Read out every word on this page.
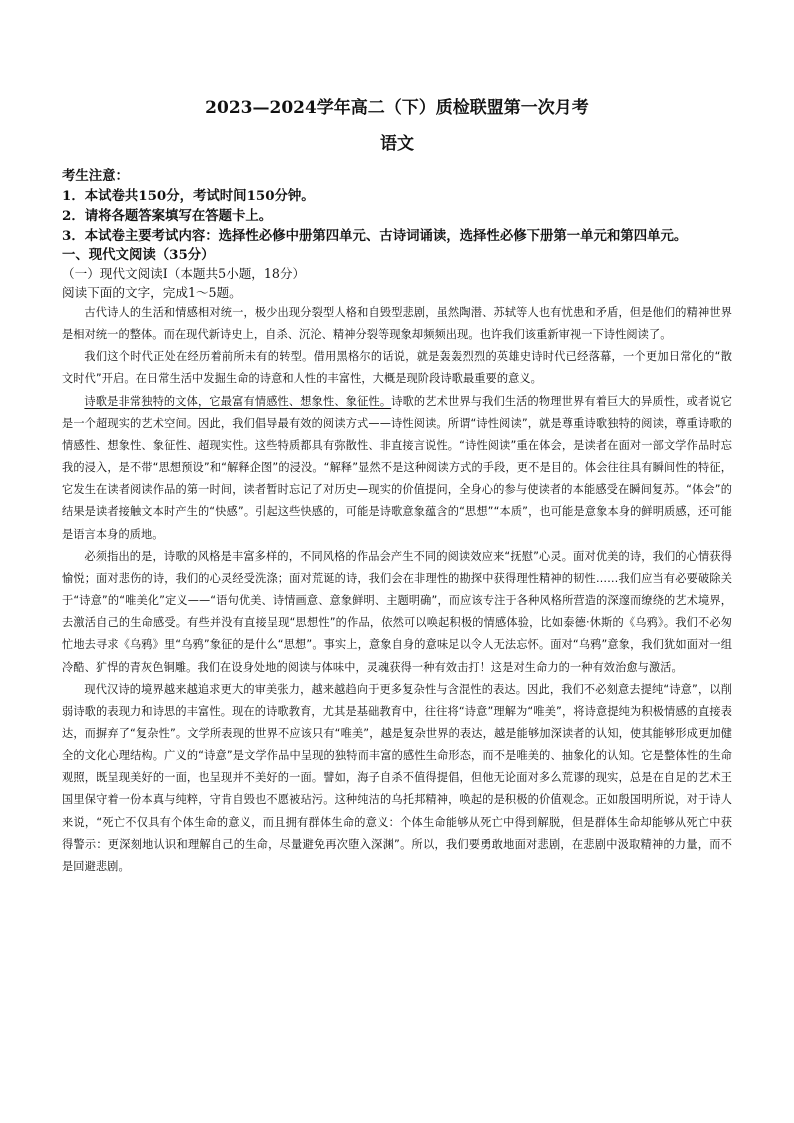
2023—2024学年高二（下）质检联盟第一次月考
语文

考生注意：

1．本试卷共150分，考试时间150分钟。

2．请将各题答案填写在答题卡上。

3．本试卷主要考试内容：选择性必修中册第四单元、古诗词诵读，选择性必修下册第一单元和第四单元。

一、现代文阅读（35分）

（一）现代文阅读Ⅰ（本题共5小题，18分）

阅读下面的文字，完成1～5题。

古代诗人的生活和情感相对统一，极少出现分裂型人格和自毁型悲剧，虽然陶潜、苏轼等人也有忧患和矛盾，但是他们的精神世界是相对统一的整体。而在现代新诗史上，自杀、沉沦、精神分裂等现象却频频出现。也许我们该重新审视一下诗性阅读了。

我们这个时代正处在经历着前所未有的转型。借用黑格尔的话说，就是轰轰烈烈的英雄史诗时代已经落幕，一个更加日常化的“散文时代”开启。在日常生活中发掘生命的诗意和人性的丰富性，大概是现阶段诗歌最重要的意义。

诗歌是非常独特的文体，它最富有情感性、想象性、象征性。诗歌的艺术世界与我们生活的物理世界有着巨大的异质性，或者说它是一个超现实的艺术空间。因此，我们倡导最有效的阅读方式——诗性阅读。所谓“诗性阅读”，就是尊重诗歌独特的阅读，尊重诗歌的情感性、想象性、象征性、超现实性。这些特质都具有弥散性、非直接言说性。“诗性阅读”重在体会，是读者在面对一部文学作品时忘我的浸入，是不带“思想预设”和“解释企图”的浸没。“解释”显然不是这种阅读方式的手段，更不是目的。体会往往具有瞬间性的特征，它发生在读者阅读作品的第一时间，读者暂时忘记了对历史—现实的价值提问，全身心的参与使读者的本能感受在瞬间复苏。“体会”的结果是读者接触文本时产生的“快感”。引起这些快感的，可能是诗歌意象蕴含的“思想”“本质”，也可能是意象本身的鲜明质感，还可能是语言本身的质地。

必须指出的是，诗歌的风格是丰富多样的，不同风格的作品会产生不同的阅读效应来“抚慰”心灵。面对优美的诗，我们的心情获得愉悦；面对悲伤的诗，我们的心灵经受洗涤；面对荒诞的诗，我们会在非理性的勘探中获得理性精神的韧性……我们应当有必要破除关于“诗意”的“唯美化”定义——“语句优美、诗情画意、意象鲜明、主题明确”，而应该专注于各种风格所营造的深邃而缭绕的艺术境界，去激活自己的生命感受。有些并没有直接呈现“思想性”的作品，依然可以唤起积极的情感体验，比如泰德·休斯的《乌鸦》。我们不必匆忙地去寻求《乌鸦》里“乌鸦”象征的是什么“思想”。事实上，意象自身的意味足以令人无法忘怀。面对“乌鸦”意象，我们犹如面对一组冷酷、犷悍的青灰色铜雕。我们在设身处地的阅读与体味中，灵魂获得一种有效击打！这是对生命力的一种有效治愈与激活。

现代汉诗的境界越来越追求更大的审美张力，越来越趋向于更多复杂性与含混性的表达。因此，我们不必刻意去提纯“诗意”，以削弱诗歌的表现力和诗思的丰富性。现在的诗歌教育，尤其是基础教育中，往往将“诗意”理解为“唯美”，将诗意提纯为积极情感的直接表达，而摒弃了“复杂性”。文学所表现的世界不应该只有“唯美”，越是复杂世界的表达，越是能够加深读者的认知，使其能够形成更加健全的文化心理结构。广义的“诗意”是文学作品中呈现的独特而丰富的感性生命形态，而不是唯美的、抽象化的认知。它是整体性的生命观照，既呈现美好的一面，也呈现并不美好的一面。譬如，海子自杀不值得提倡，但他无论面对多么荒谬的现实，总是在自足的艺术王国里保守着一份本真与纯粹，守肯自毁也不愿被玷污。这种纯洁的乌托邦精神，唤起的是积极的价值观念。正如殷国明所说，对于诗人来说，“死亡不仅具有个体生命的意义，而且拥有群体生命的意义：个体生命能够从死亡中得到解脱，但是群体生命却能够从死亡中获得警示：更深刻地认识和理解自己的生命，尽量避免再次堕入深渊”。所以，我们要勇敢地面对悲剧，在悲剧中汲取精神的力量，而不是回避悲剧。
